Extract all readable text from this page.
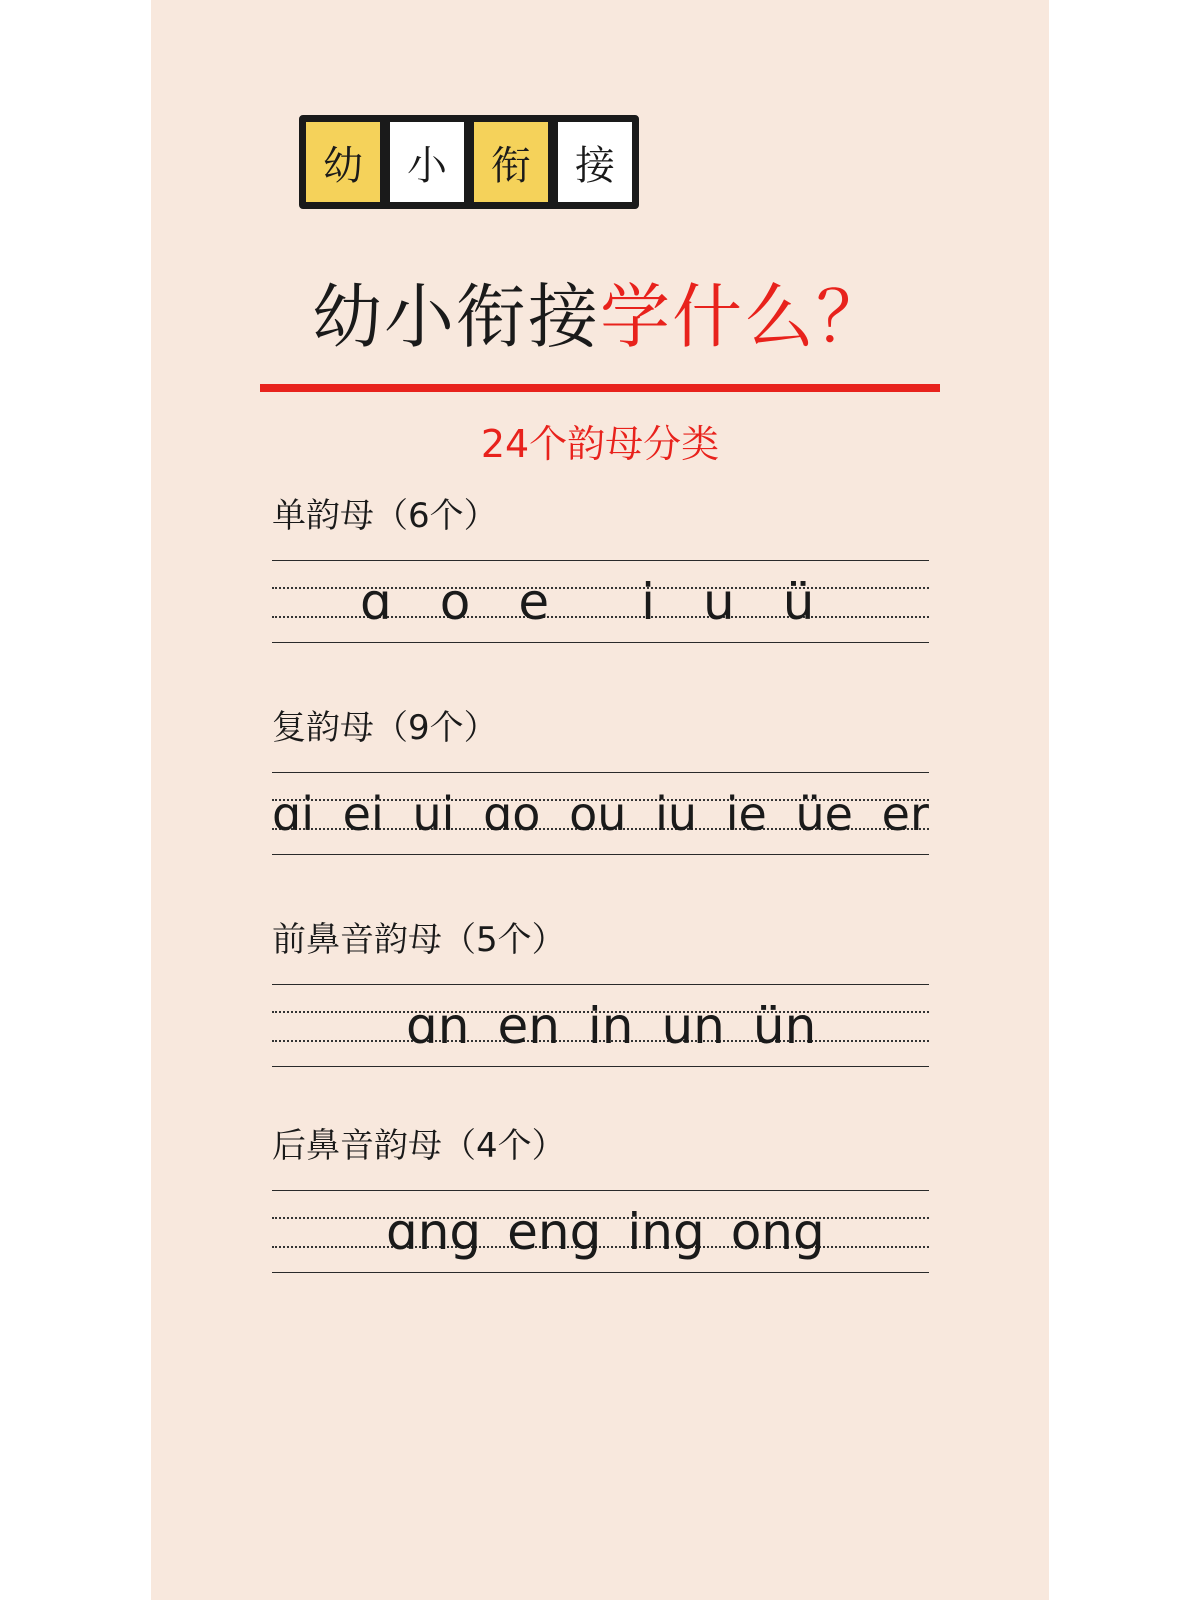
幼	小	衔	接
幼小衔接学什么？
24个韵母分类
单韵母（6个）
ɑ o e i u ü
复韵母（9个）
ɑi ei ui ɑo ou iu ie üe er
前鼻音韵母（5个）
ɑn en in un ün
后鼻音韵母（4个）
ɑng eng ing ong
